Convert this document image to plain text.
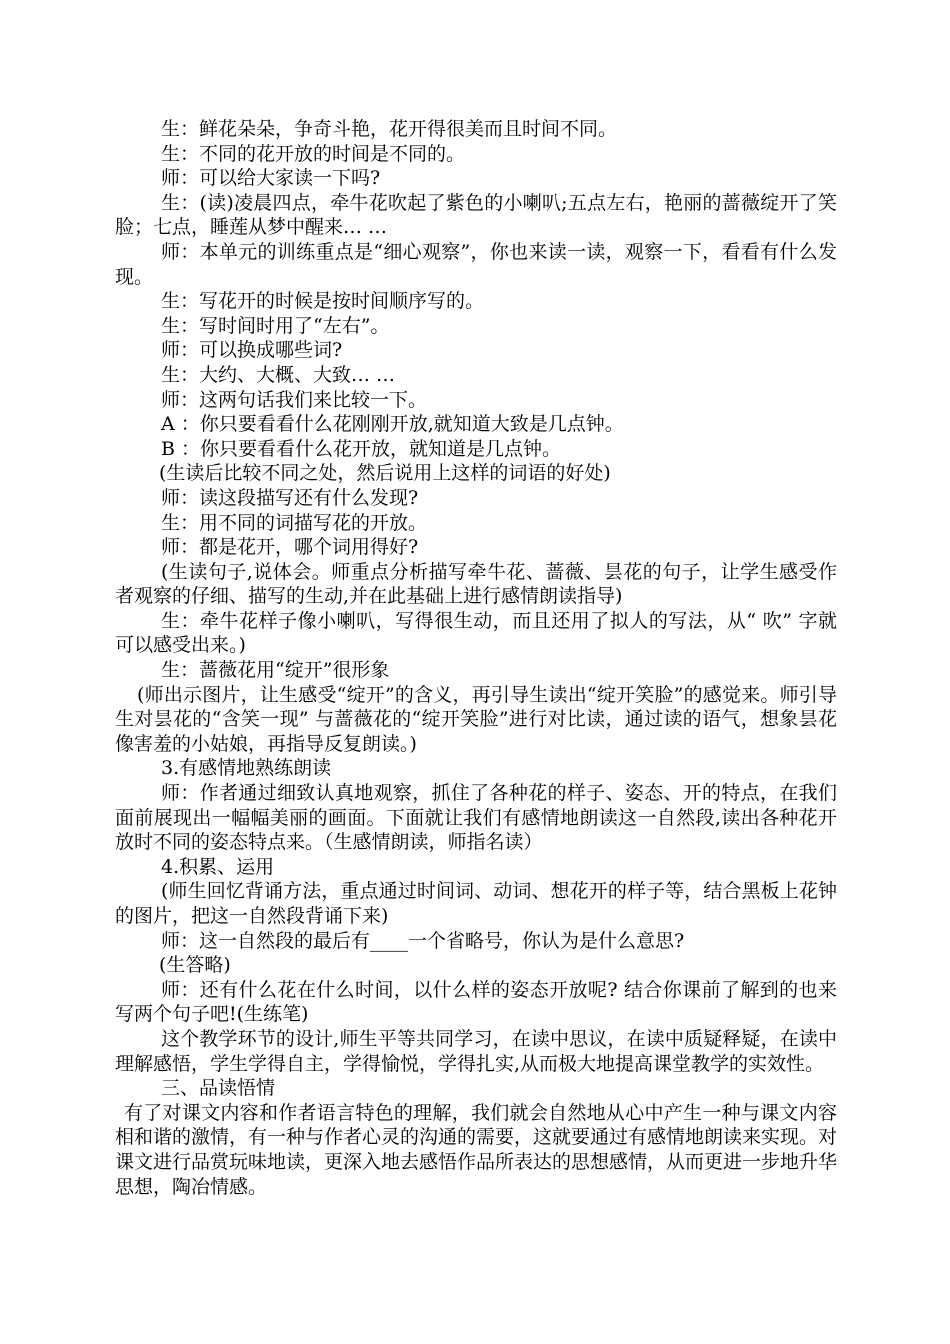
生：鲜花朵朵，争奇斗艳，花开得很美而且时间不同。
生：不同的花开放的时间是不同的。
师：可以给大家读一下吗?
生：(读)凌晨四点，牵牛花吹起了紫色的小喇叭;五点左右，艳丽的蔷薇绽开了笑脸；七点，睡莲从梦中醒来… …
师：本单元的训练重点是“细心观察”，你也来读一读，观察一下，看看有什么发现。
生：写花开的时候是按时间顺序写的。
生：写时间时用了“左右”。
师：可以换成哪些词?
生：大约、大概、大致… …
师：这两句话我们来比较一下。
A ：你只要看看什么花刚刚开放,就知道大致是几点钟。
B ：你只要看看什么花开放，就知道是几点钟。
(生读后比较不同之处，然后说用上这样的词语的好处)
师：读这段描写还有什么发现?
生：用不同的词描写花的开放。
师：都是花开，哪个词用得好?
(生读句子,说体会。师重点分析描写牵牛花、蔷薇、昙花的句子，让学生感受作者观察的仔细、描写的生动,并在此基础上进行感情朗读指导)
生：牵牛花样子像小喇叭，写得很生动，而且还用了拟人的写法，从“ 吹” 字就可以感受出来。)
生：蔷薇花用“绽开”很形象
(师出示图片，让生感受“绽开”的含义，再引导生读出“绽开笑脸”的感觉来。师引导生对昙花的“含笑一现” 与蔷薇花的“绽开笑脸”进行对比读，通过读的语气，想象昙花像害羞的小姑娘，再指导反复朗读。)
3.有感情地熟练朗读
师：作者通过细致认真地观察，抓住了各种花的样子、姿态、开的特点，在我们面前展现出一幅幅美丽的画面。下面就让我们有感情地朗读这一自然段,读出各种花开放时不同的姿态特点来。（生感情朗读，师指名读）
4.积累、运用
(师生回忆背诵方法，重点通过时间词、动词、想花开的样子等，结合黑板上花钟的图片，把这一自然段背诵下来)
师：这一自然段的最后有____一个省略号，你认为是什么意思?
(生答略)
师：还有什么花在什么时间，以什么样的姿态开放呢? 结合你课前了解到的也来写两个句子吧!(生练笔)
这个教学环节的设计,师生平等共同学习，在读中思议，在读中质疑释疑，在读中理解感悟，学生学得自主，学得愉悦，学得扎实,从而极大地提高课堂教学的实效性。
三、品读悟情
有了对课文内容和作者语言特色的理解，我们就会自然地从心中产生一种与课文内容相和谐的激情，有一种与作者心灵的沟通的需要，这就要通过有感情地朗读来实现。对课文进行品赏玩味地读，更深入地去感悟作品所表达的思想感情，从而更进一步地升华思想，陶冶情感。
